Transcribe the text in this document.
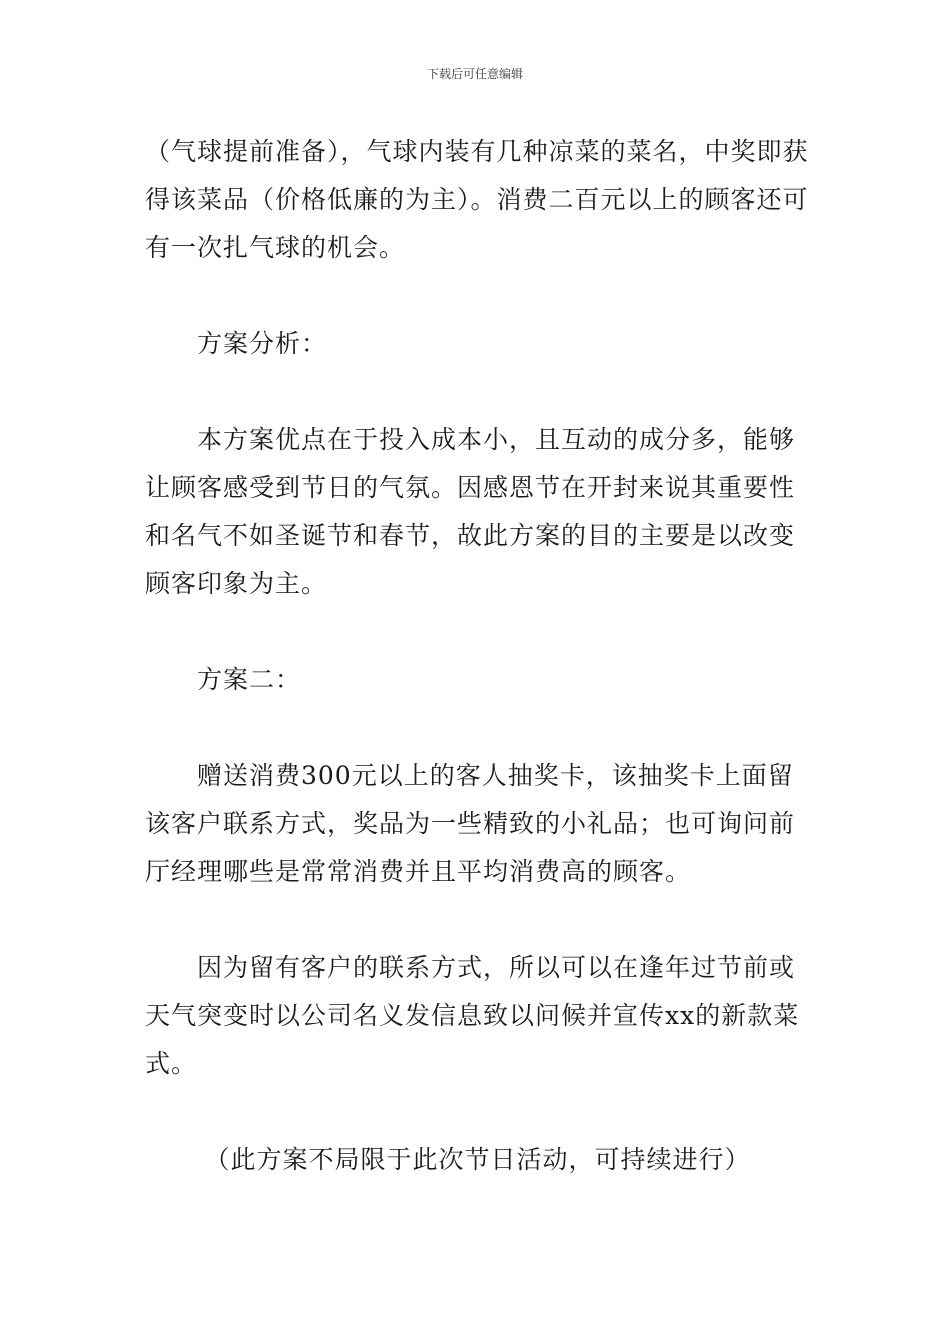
下载后可任意编辑

（气球提前准备），气球内装有几种凉菜的菜名，中奖即获得该菜品（价格低廉的为主）。消费二百元以上的顾客还可有一次扎气球的机会。

方案分析：

本方案优点在于投入成本小，且互动的成分多，能够让顾客感受到节日的气氛。因感恩节在开封来说其重要性和名气不如圣诞节和春节，故此方案的目的主要是以改变顾客印象为主。

方案二：

赠送消费300元以上的客人抽奖卡，该抽奖卡上面留该客户联系方式，奖品为一些精致的小礼品；也可询问前厅经理哪些是常常消费并且平均消费高的顾客。

因为留有客户的联系方式，所以可以在逢年过节前或天气突变时以公司名义发信息致以问候并宣传xx的新款菜式。

（此方案不局限于此次节日活动，可持续进行）
